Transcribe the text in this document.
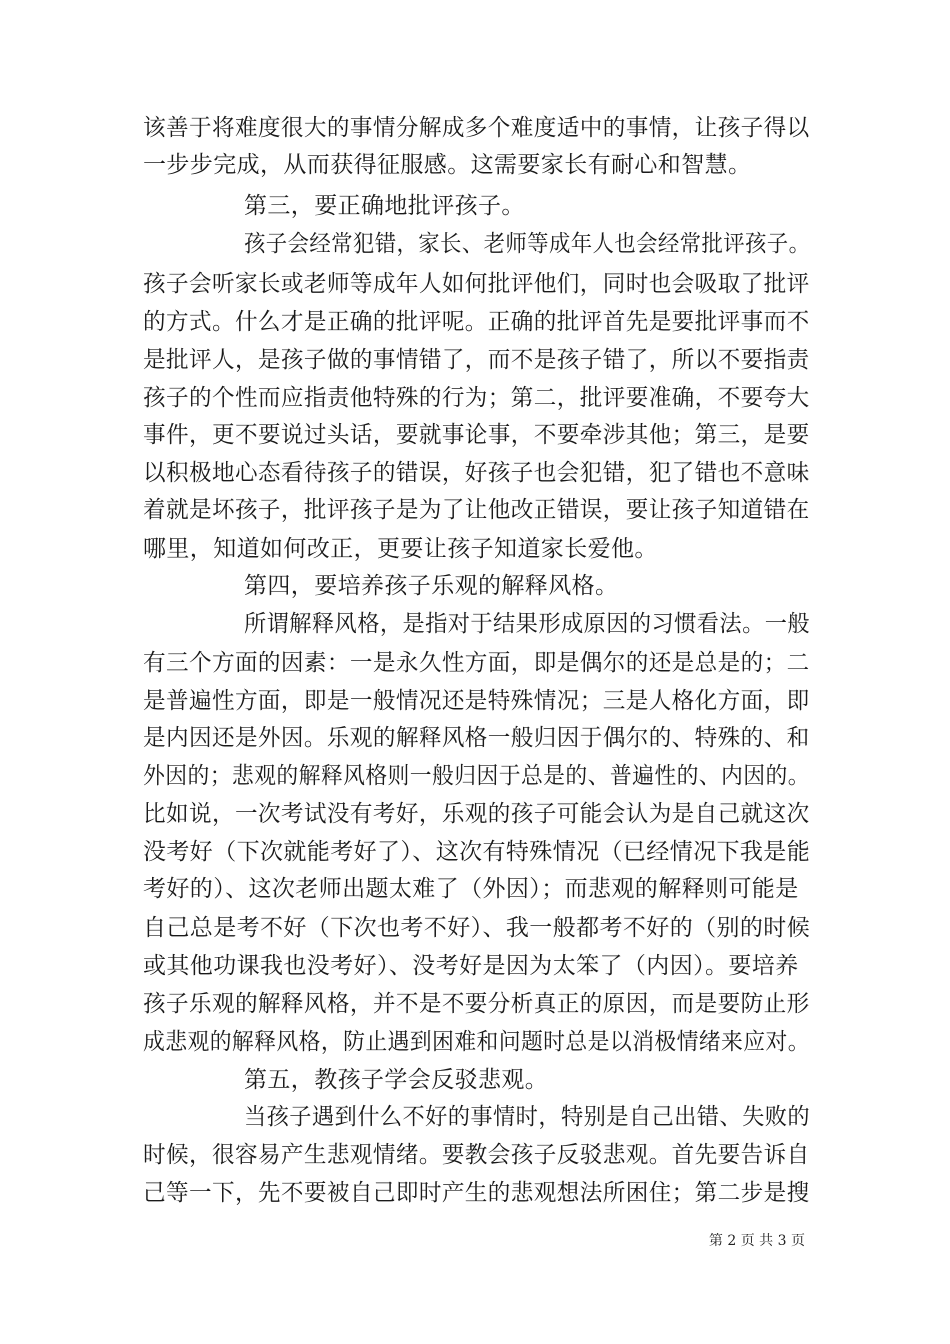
该善于将难度很大的事情分解成多个难度适中的事情，让孩子得以
一步步完成，从而获得征服感。这需要家长有耐心和智慧。
第三，要正确地批评孩子。
孩子会经常犯错，家长、老师等成年人也会经常批评孩子。
孩子会听家长或老师等成年人如何批评他们，同时也会吸取了批评
的方式。什么才是正确的批评呢。正确的批评首先是要批评事而不
是批评人，是孩子做的事情错了，而不是孩子错了，所以不要指责
孩子的个性而应指责他特殊的行为；第二，批评要准确，不要夸大
事件，更不要说过头话，要就事论事，不要牵涉其他；第三，是要
以积极地心态看待孩子的错误，好孩子也会犯错，犯了错也不意味
着就是坏孩子，批评孩子是为了让他改正错误，要让孩子知道错在
哪里，知道如何改正，更要让孩子知道家长爱他。
第四，要培养孩子乐观的解释风格。
所谓解释风格，是指对于结果形成原因的习惯看法。一般
有三个方面的因素：一是永久性方面，即是偶尔的还是总是的；二
是普遍性方面，即是一般情况还是特殊情况；三是人格化方面，即
是内因还是外因。乐观的解释风格一般归因于偶尔的、特殊的、和
外因的；悲观的解释风格则一般归因于总是的、普遍性的、内因的。
比如说，一次考试没有考好，乐观的孩子可能会认为是自己就这次
没考好（下次就能考好了）、这次有特殊情况（已经情况下我是能
考好的）、这次老师出题太难了（外因）；而悲观的解释则可能是
自己总是考不好（下次也考不好）、我一般都考不好的（别的时候
或其他功课我也没考好）、没考好是因为太笨了（内因）。要培养
孩子乐观的解释风格，并不是不要分析真正的原因，而是要防止形
成悲观的解释风格，防止遇到困难和问题时总是以消极情绪来应对。
第五，教孩子学会反驳悲观。
当孩子遇到什么不好的事情时，特别是自己出错、失败的
时候，很容易产生悲观情绪。要教会孩子反驳悲观。首先要告诉自
己等一下，先不要被自己即时产生的悲观想法所困住；第二步是搜
第 2 页 共 3 页
